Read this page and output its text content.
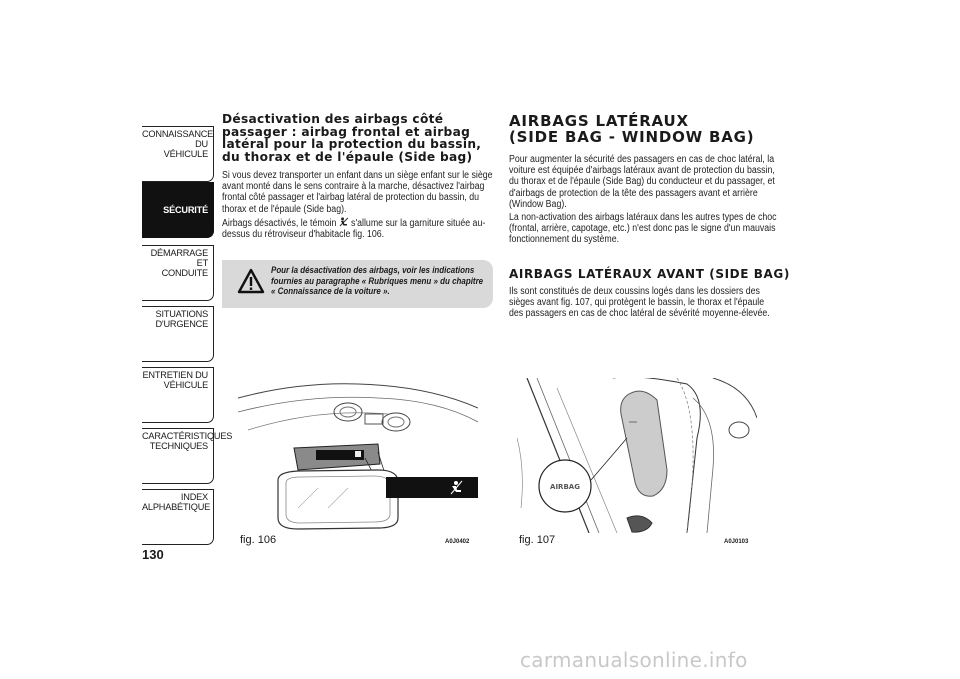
CONNAISSANCE DU
VÉHICULE
SÉCURITÉ
DÉMARRAGE ET
CONDUITE
SITUATIONS
D'URGENCE
ENTRETIEN DU
VÉHICULE
CARACTÉRISTIQUES
TECHNIQUES
INDEX
ALPHABÉTIQUE
130
Désactivation des airbags côté passager : airbag frontal et airbag latéral pour la protection du bassin, du thorax et de l'épaule (Side bag)

Si vous devez transporter un enfant dans un siège enfant sur le siège avant monté dans le sens contraire à la marche, désactivez l'airbag frontal côté passager et l'airbag latéral de protection du bassin, du thorax et de l'épaule (Side bag).

Airbags désactivés, le témoin s'allume sur la garniture située au-dessus du rétroviseur d'habitacle fig. 106.

Pour la désactivation des airbags, voir les indications fournies au paragraphe « Rubriques menu » du chapitre « Connaissance de la voiture ».
AIRBAGS LATÉRAUX
(SIDE BAG - WINDOW BAG)

Pour augmenter la sécurité des passagers en cas de choc latéral, la voiture est équipée d'airbags latéraux avant de protection du bassin, du thorax et de l'épaule (Side Bag) du conducteur et du passager, et d'airbags de protection de la tête des passagers avant et arrière (Window Bag).

La non-activation des airbags latéraux dans les autres types de choc (frontal, arrière, capotage, etc.) n'est donc pas le signe d'un mauvais fonctionnement du système.

AIRBAGS LATÉRAUX AVANT (SIDE BAG)

Ils sont constitués de deux coussins logés dans les dossiers des sièges avant fig. 107, qui protègent le bassin, le thorax et l'épaule des passagers en cas de choc latéral de sévérité moyenne-élevée.

fig. 106	A0J0402
AIRBAG
fig. 107	A0J0103
carmanualsonline.info
